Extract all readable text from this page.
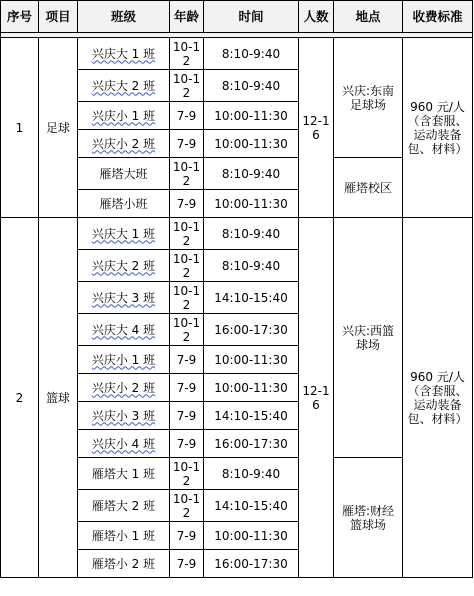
序号	项目	班级	年龄	时间	人数	地点	收费标准

1	足球	兴庆大 1 班	10-12	8:10-9:40	12-16	兴庆:东南足球场	960 元/人（含套服、运动装备包、材料）
		兴庆大 2 班	10-12	8:10-9:40			
		兴庆小 1 班	7-9	10:00-11:30			
		兴庆小 2 班	7-9	10:00-11:30			
		雁塔大班	10-12	8:10-9:40		雁塔校区	
		雁塔小班	7-9	10:00-11:30			
2	篮球	兴庆大 1 班	10-12	8:10-9:40	12-16	兴庆:西篮球场	960 元/人（含套服、运动装备包、材料）
		兴庆大 2 班	10-12	8:10-9:40			
		兴庆大 3 班	10-12	14:10-15:40			
		兴庆大 4 班	10-12	16:00-17:30			
		兴庆小 1 班	7-9	10:00-11:30			
		兴庆小 2 班	7-9	10:00-11:30			
		兴庆小 3 班	7-9	14:10-15:40			
		兴庆小 4 班	7-9	16:00-17:30			
		雁塔大 1 班	10-12	8:10-9:40		雁塔:财经篮球场	
		雁塔大 2 班	10-12	14:10-15:40			
		雁塔小 1 班	7-9	10:00-11:30			
		雁塔小 2 班	7-9	16:00-17:30			
